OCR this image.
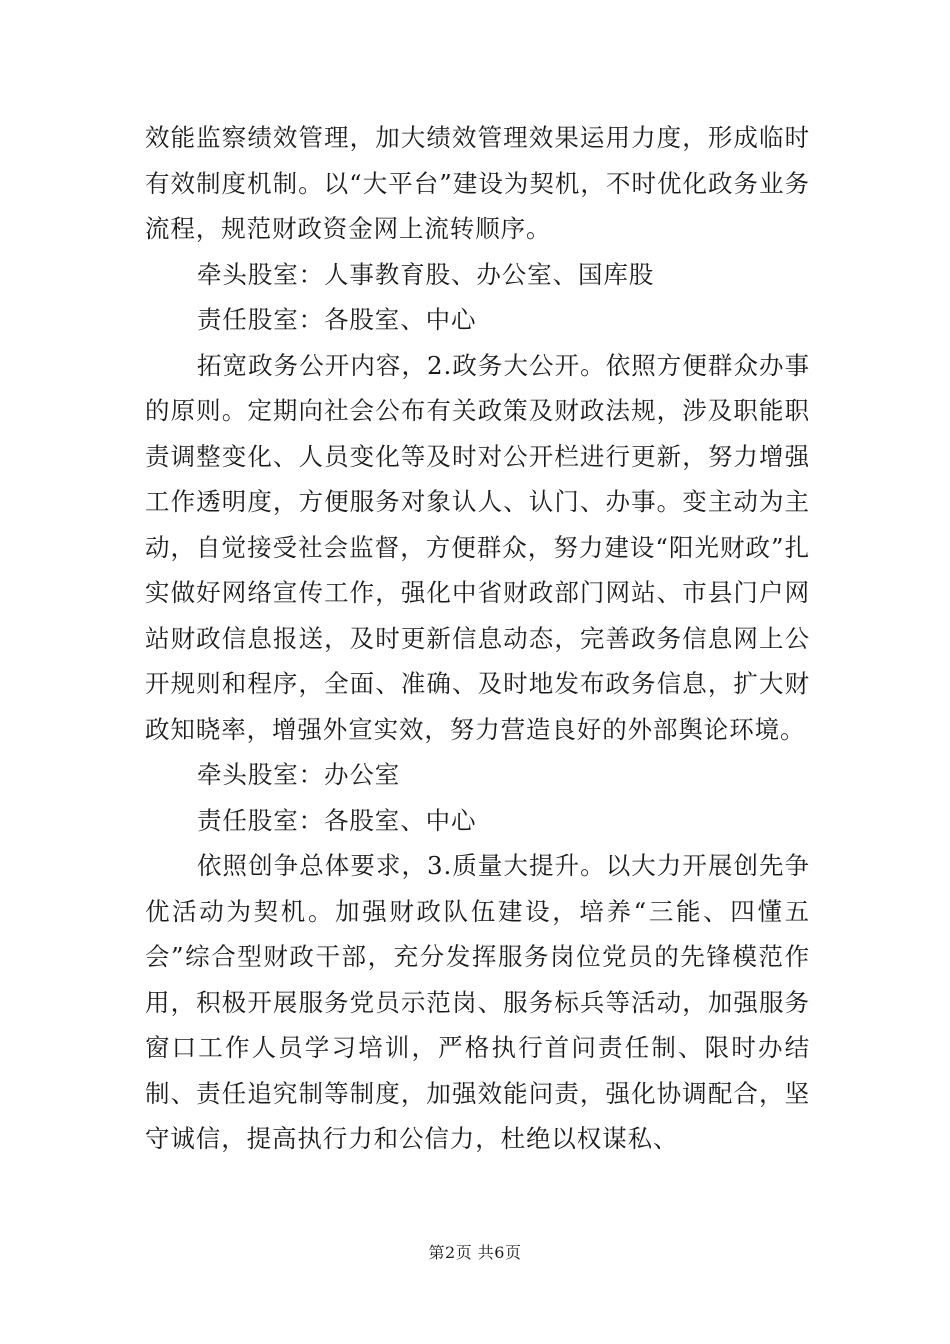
效能监察绩效管理，加大绩效管理效果运用力度，形成临时有效制度机制。以“大平台”建设为契机，不时优化政务业务流程，规范财政资金网上流转顺序。

牵头股室：人事教育股、办公室、国库股

责任股室：各股室、中心

拓宽政务公开内容，2.政务大公开。依照方便群众办事的原则。定期向社会公布有关政策及财政法规，涉及职能职责调整变化、人员变化等及时对公开栏进行更新，努力增强工作透明度，方便服务对象认人、认门、办事。变主动为主动，自觉接受社会监督，方便群众，努力建设“阳光财政”扎实做好网络宣传工作，强化中省财政部门网站、市县门户网站财政信息报送，及时更新信息动态，完善政务信息网上公开规则和程序，全面、准确、及时地发布政务信息，扩大财政知晓率，增强外宣实效，努力营造良好的外部舆论环境。

牵头股室：办公室

责任股室：各股室、中心

依照创争总体要求，3.质量大提升。以大力开展创先争优活动为契机。加强财政队伍建设，培养“三能、四懂五会”综合型财政干部，充分发挥服务岗位党员的先锋模范作用，积极开展服务党员示范岗、服务标兵等活动，加强服务窗口工作人员学习培训，严格执行首问责任制、限时办结制、责任追究制等制度，加强效能问责，强化协调配合，坚守诚信，提高执行力和公信力，杜绝以权谋私、

第2页 共6页
